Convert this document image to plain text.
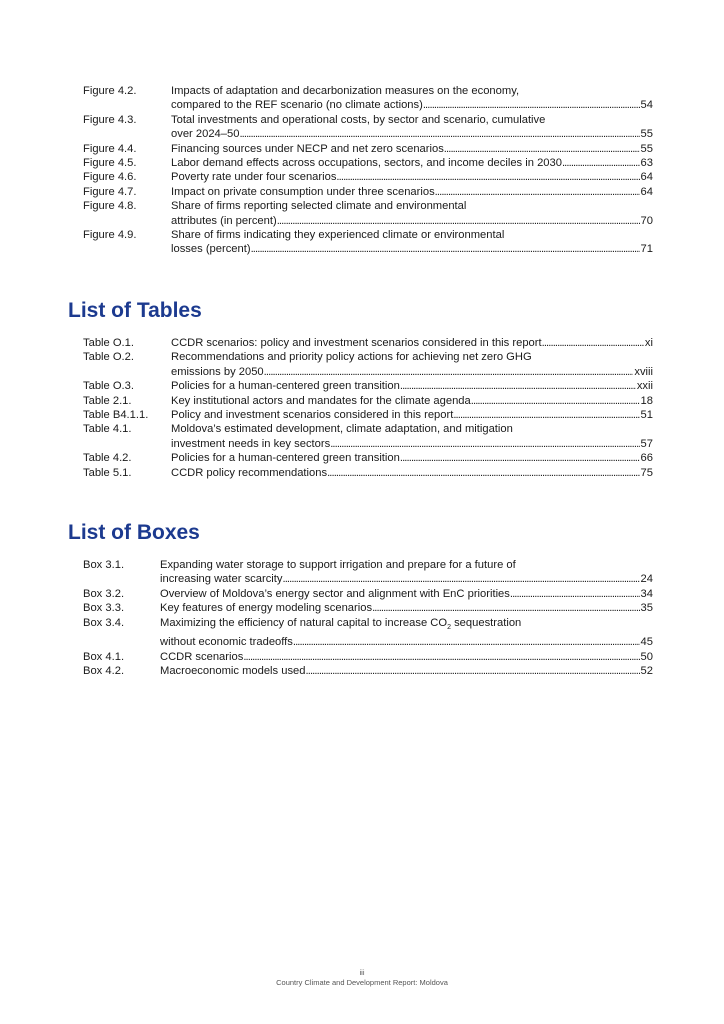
Figure 4.2.	Impacts of adaptation and decarbonization measures on the economy,
compared to the REF scenario (no climate actions) . . .	54
Figure 4.3.	Total investments and operational costs, by sector and scenario, cumulative
over 2024–50 . . .	55
Figure 4.4.	Financing sources under NECP and net zero scenarios . . .	55
Figure 4.5.	Labor demand effects across occupations, sectors, and income deciles in 2030 . . .	63
Figure 4.6.	Poverty rate under four scenarios . . .	64
Figure 4.7.	Impact on private consumption under three scenarios . . .	64
Figure 4.8.	Share of firms reporting selected climate and environmental
attributes (in percent) . . .	70
Figure 4.9.	Share of firms indicating they experienced climate or environmental
losses (percent) . . .	71
List of Tables
Table O.1.	CCDR scenarios: policy and investment scenarios considered in this report . . .	xi
Table O.2.	Recommendations and priority policy actions for achieving net zero GHG
emissions by 2050 . . .	xviii
Table O.3.	Policies for a human-centered green transition . . .	xxii
Table 2.1.	Key institutional actors and mandates for the climate agenda . . .	18
Table B4.1.1.	Policy and investment scenarios considered in this report . . .	51
Table 4.1.	Moldova’s estimated development, climate adaptation, and mitigation
investment needs in key sectors . . .	57
Table 4.2.	Policies for a human-centered green transition . . .	66
Table 5.1.	CCDR policy recommendations . . .	75
List of Boxes
Box 3.1.	Expanding water storage to support irrigation and prepare for a future of
increasing water scarcity . . .	24
Box 3.2.	Overview of Moldova’s energy sector and alignment with EnC priorities . . .	34
Box 3.3.	Key features of energy modeling scenarios . . .	35
Box 3.4.	Maximizing the efficiency of natural capital to increase $CO_2$ sequestration
without economic tradeoffs . . .	45
Box 4.1.	CCDR scenarios . . .	50
Box 4.2.	Macroeconomic models used . . .	52
iii
Country Climate and Development Report: Moldova
